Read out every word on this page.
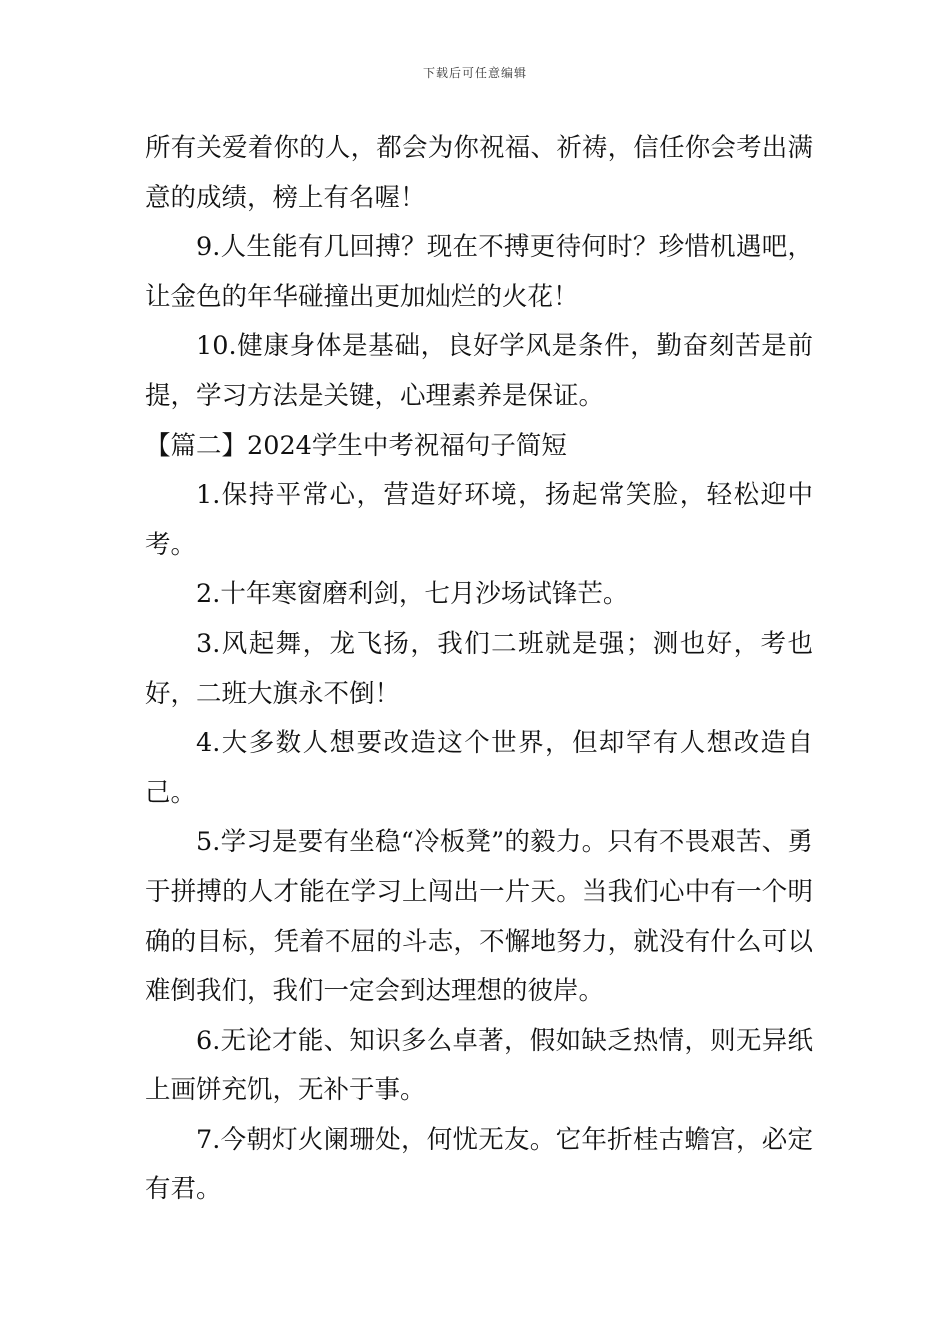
下载后可任意编辑

所有关爱着你的人，都会为你祝福、祈祷，信任你会考出满意的成绩，榜上有名喔！

9.人生能有几回搏？现在不搏更待何时？珍惜机遇吧，让金色的年华碰撞出更加灿烂的火花！

10.健康身体是基础，良好学风是条件，勤奋刻苦是前提，学习方法是关键，心理素养是保证。

【篇二】2024学生中考祝福句子简短

1.保持平常心，营造好环境，扬起常笑脸，轻松迎中考。

2.十年寒窗磨利剑，七月沙场试锋芒。

3.风起舞，龙飞扬，我们二班就是强；测也好，考也好，二班大旗永不倒！

4.大多数人想要改造这个世界，但却罕有人想改造自己。

5.学习是要有坐稳“冷板凳”的毅力。只有不畏艰苦、勇于拼搏的人才能在学习上闯出一片天。当我们心中有一个明确的目标，凭着不屈的斗志，不懈地努力，就没有什么可以难倒我们，我们一定会到达理想的彼岸。

6.无论才能、知识多么卓著，假如缺乏热情，则无异纸上画饼充饥，无补于事。

7.今朝灯火阑珊处，何忧无友。它年折桂古蟾宫，必定有君。
